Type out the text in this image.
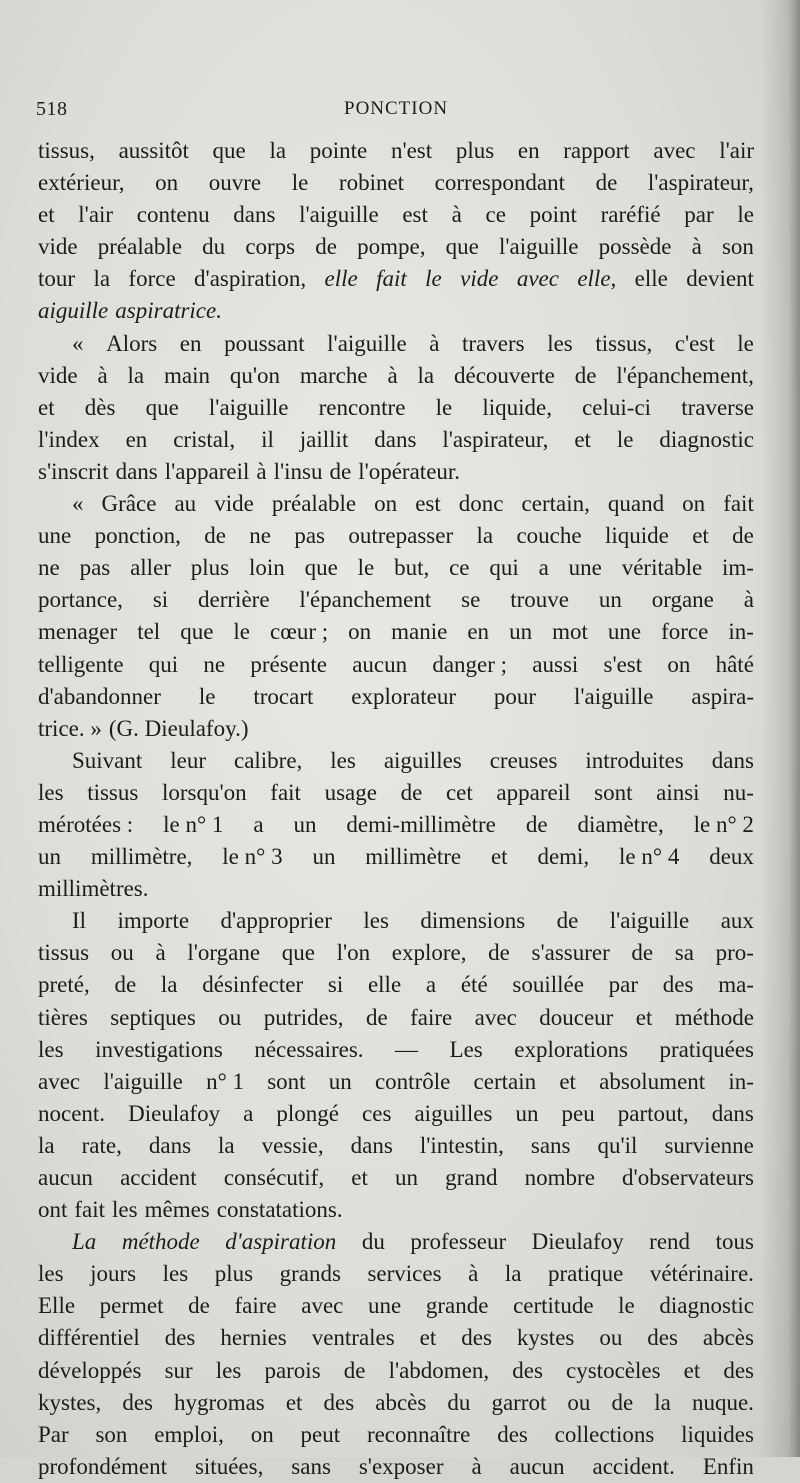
518	PONCTION
tissus, aussitôt que la pointe n'est plus en rapport avec l'air
extérieur, on ouvre le robinet correspondant de l'aspirateur,
et l'air contenu dans l'aiguille est à ce point raréfié par le
vide préalable du corps de pompe, que l'aiguille possède à son
tour la force d'aspiration, elle fait le vide avec elle, elle devient
aiguille aspiratrice.
« Alors en poussant l'aiguille à travers les tissus, c'est le
vide à la main qu'on marche à la découverte de l'épanchement,
et dès que l'aiguille rencontre le liquide, celui-ci traverse
l'index en cristal, il jaillit dans l'aspirateur, et le diagnostic
s'inscrit dans l'appareil à l'insu de l'opérateur.
« Grâce au vide préalable on est donc certain, quand on fait
une ponction, de ne pas outrepasser la couche liquide et de
ne pas aller plus loin que le but, ce qui a une véritable im-
portance, si derrière l'épanchement se trouve un organe à
menager tel que le cœur ; on manie en un mot une force in-
telligente qui ne présente aucun danger ; aussi s'est on hâté
d'abandonner le trocart explorateur pour l'aiguille aspira-
trice. » (G. Dieulafoy.)
Suivant leur calibre, les aiguilles creuses introduites dans
les tissus lorsqu'on fait usage de cet appareil sont ainsi nu-
mérotées : le n° 1 a un demi-millimètre de diamètre, le n° 2
un millimètre, le n° 3 un millimètre et demi, le n° 4 deux
millimètres.
Il importe d'approprier les dimensions de l'aiguille aux
tissus ou à l'organe que l'on explore, de s'assurer de sa pro-
preté, de la désinfecter si elle a été souillée par des ma-
tières septiques ou putrides, de faire avec douceur et méthode
les investigations nécessaires. — Les explorations pratiquées
avec l'aiguille n° 1 sont un contrôle certain et absolument in-
nocent. Dieulafoy a plongé ces aiguilles un peu partout, dans
la rate, dans la vessie, dans l'intestin, sans qu'il survienne
aucun accident consécutif, et un grand nombre d'observateurs
ont fait les mêmes constatations.
La méthode d'aspiration du professeur Dieulafoy rend tous
les jours les plus grands services à la pratique vétérinaire.
Elle permet de faire avec une grande certitude le diagnostic
différentiel des hernies ventrales et des kystes ou des abcès
développés sur les parois de l'abdomen, des cystocèles et des
kystes, des hygromas et des abcès du garrot ou de la nuque.
Par son emploi, on peut reconnaître des collections liquides
profondément situées, sans s'exposer à aucun accident. Enfin
